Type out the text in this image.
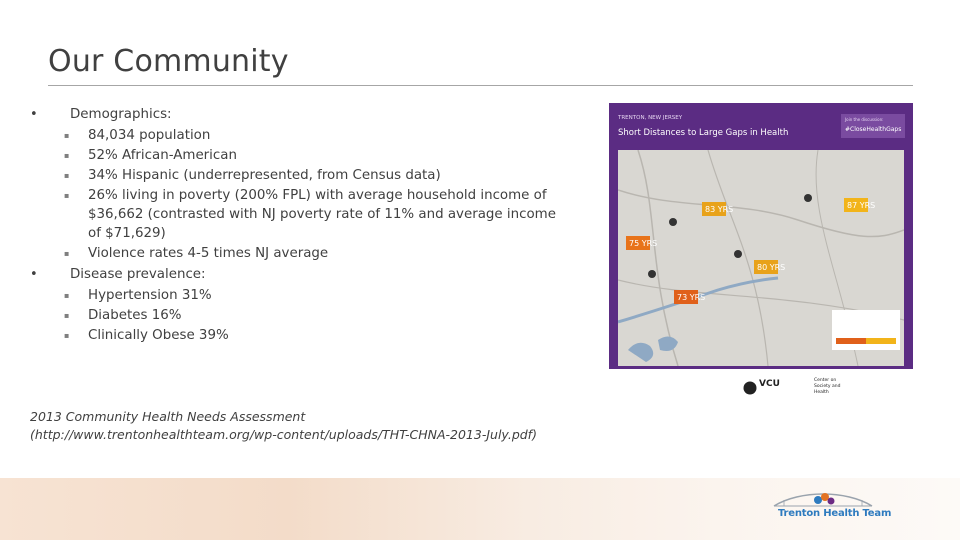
Our Community
• Demographics:
▪ 84,034 population
▪ 52% African-American
▪ 34% Hispanic (underrepresented, from Census data)
▪ 26% living in poverty (200% FPL) with average household income of $36,662 (contrasted with NJ poverty rate of 11% and average income of $71,629)
▪ Violence rates 4-5 times NJ average
• Disease prevalence:
▪ Hypertension 31%
▪ Diabetes 16%
▪ Clinically Obese 39%
2013 Community Health Needs Assessment
(http://www.trentonhealthteam.org/wp-content/uploads/THT-CHNA-2013-July.pdf)
TRENTON, NEW JERSEY
Short Distances to Large Gaps in Health
Join the discussion:
#CloseHealthGaps
75 YRS
83 YRS
73 YRS
80 YRS
87 YRS
VCU	Center on Society and Health
Trenton Health Team
